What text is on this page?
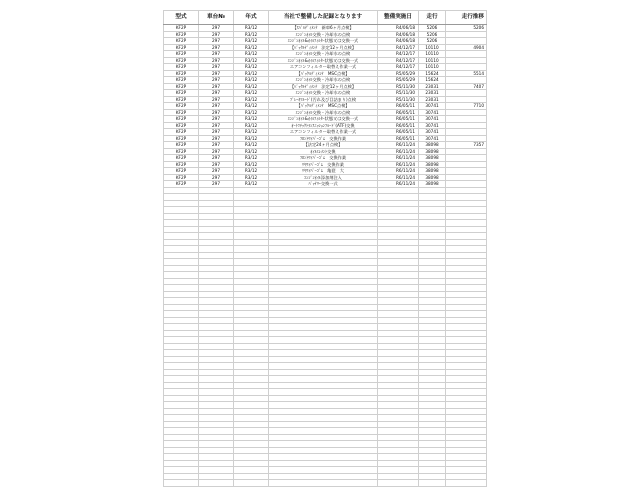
型式	車台№	年式	当社で整備した記録となります	整備実施日	走行	走行推移
KF2P	297	R3/12	【ｽﾊﾞﾙﾃﾞｨﾒﾝﾃ　新車6ヶ月点検】	R4/06/18	5206	5206
KF2P	297	R3/12	ｴﾝｼﾞﾝｵｲﾙ交換・冷却水の点検	R4/06/18	5206	
KF2P	297	R3/12	ｴﾝｼﾞﾝｵｲﾙ&ｵｲﾙﾌｨﾙﾀｰ状態又は交換一式	R4/06/18	5206	
KF2P	297	R3/12	【ﾊﾞｯｸﾙﾃﾞｨﾒﾝﾃ　法定12ヶ月点検】	R4/12/17	10110	4904
KF2P	297	R3/12	ｴﾝｼﾞﾝｵｲﾙ交換・冷却水の点検	R4/12/17	10110	
KF2P	297	R3/12	ｴﾝｼﾞﾝｵｲﾙ&ｵｲﾙﾌｨﾙﾀｰ状態又は交換一式	R4/12/17	10110	
KF2P	297	R3/12	エアコンフィルター取替え作業一式	R4/12/17	10110	
KF2P	297	R3/12	【ﾊﾞｯｸﾙﾃﾞｨﾒﾝﾃ　MSC点検】	R5/05/29	15624	5514
KF2P	297	R3/12	ｴﾝｼﾞﾝｵｲﾙ交換・冷却水の点検	R5/05/29	15624	
KF2P	297	R3/12	【ﾊﾞｯｸﾙﾃﾞｨﾒﾝﾃ　法定12ヶ月点検】	R5/11/30	23031	7407
KF2P	297	R3/12	ｴﾝｼﾞﾝｵｲﾙ交換・冷却水の点検	R5/11/30	23031	
KF2P	297	R3/12	ﾌﾞﾚｰｷﾌﾙｰﾄﾞ(汚れ及び目詰まり)点検	R5/11/30	23031	
KF2P	297	R3/12	【ﾊﾞｯｸﾙﾃﾞｨﾒﾝﾃ　MSC点検】	R6/05/11	30741	7710
KF2P	297	R3/12	ｴﾝｼﾞﾝｵｲﾙ交換・冷却水の点検	R6/05/11	30741	
KF2P	297	R3/12	ｴﾝｼﾞﾝｵｲﾙ&ｵｲﾙﾌｨﾙﾀｰ状態又は交換一式	R6/05/11	30741	
KF2P	297	R3/12	ｵｰﾄﾏﾁｯｸﾄﾗﾝｽﾐｯｼｮﾝﾌﾙｰﾄﾞ(ATF)交換	R6/05/11	30741	
KF2P	297	R3/12	エアコンフィルター取替え作業一式	R6/05/11	30741	
KF2P	297	R3/12	ﾌﾛﾝﾄﾜｲﾊﾟｰｺﾞﾑ　交換作業	R6/05/11	30741	
KF2P	297	R3/12	【法定24ヶ月点検】	R6/11/24	38098	7357
KF2P	297	R3/12	ｵｲﾙｴﾚﾒﾝﾄ交換	R6/11/24	38098	
KF2P	297	R3/12	ﾌﾛﾝﾄﾜｲﾊﾟｰｺﾞﾑ　交換作業	R6/11/24	38098	
KF2P	297	R3/12	ﾘﾔﾜｲﾊﾟｰｺﾞﾑ　交換作業	R6/11/24	38098	
KF2P	297	R3/12	ﾘﾔﾜｲﾊﾟｰｺﾞﾑ　亀裂　大	R6/11/24	38098	
KF2P	297	R3/12	ｴﾝｼﾞﾝｵｲﾙ添加剤注入	R6/11/24	38098	
KF2P	297	R3/12	ﾊﾞｯﾃﾘｰ交換一式	R6/11/24	38098	
